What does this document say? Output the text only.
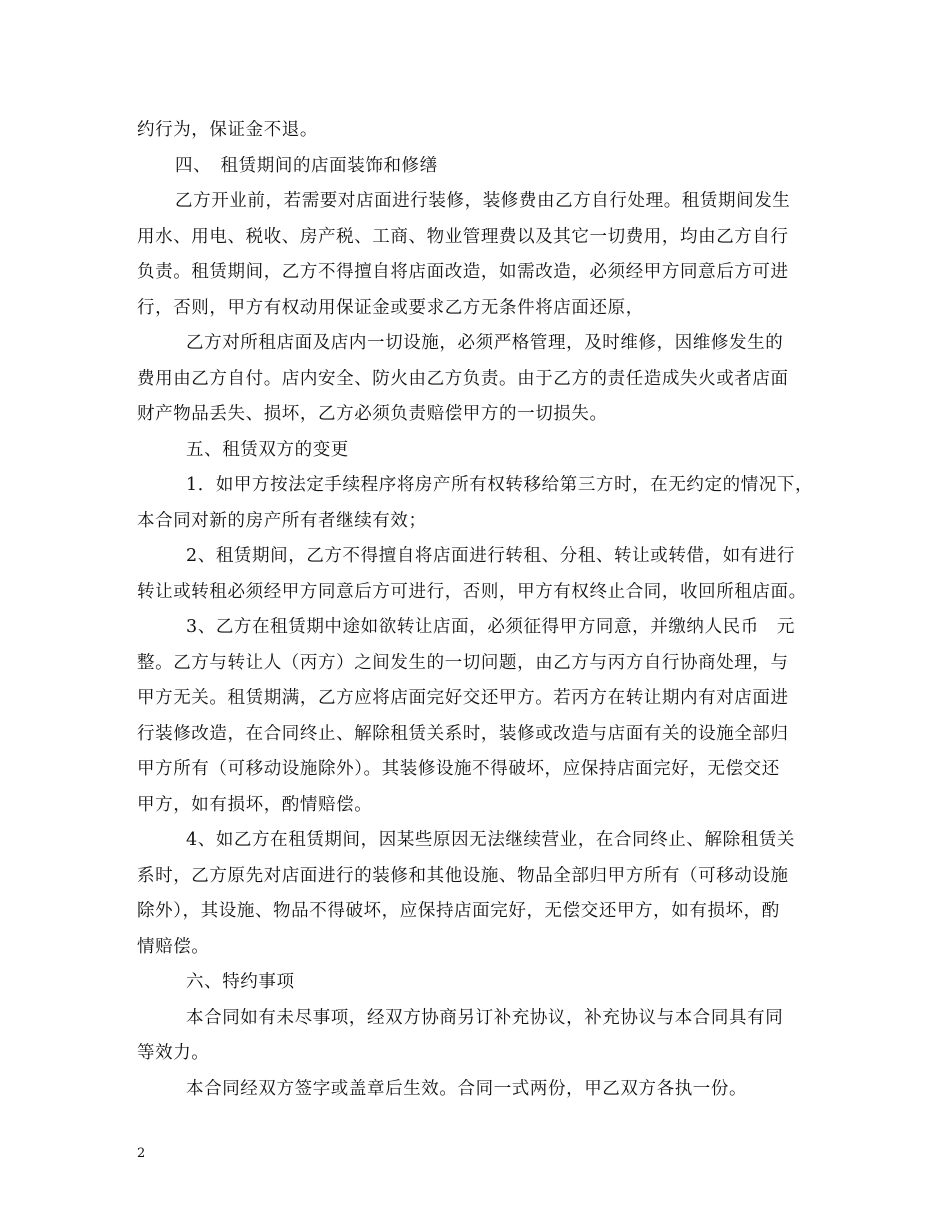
约行为，保证金不退。
四、　租赁期间的店面装饰和修缮
乙方开业前，若需要对店面进行装修，装修费由乙方自行处理。租赁期间发生
用水、用电、税收、房产税、工商、物业管理费以及其它一切费用，均由乙方自行
负责。租赁期间，乙方不得擅自将店面改造，如需改造，必须经甲方同意后方可进
行，否则，甲方有权动用保证金或要求乙方无条件将店面还原，
乙方对所租店面及店内一切设施，必须严格管理，及时维修，因维修发生的
费用由乙方自付。店内安全、防火由乙方负责。由于乙方的责任造成失火或者店面
财产物品丢失、损坏，乙方必须负责赔偿甲方的一切损失。
五、租赁双方的变更
1．如甲方按法定手续程序将房产所有权转移给第三方时，在无约定的情况下，
本合同对新的房产所有者继续有效；
2、租赁期间，乙方不得擅自将店面进行转租、分租、转让或转借，如有进行
转让或转租必须经甲方同意后方可进行，否则，甲方有权终止合同，收回所租店面。
3、乙方在租赁期中途如欲转让店面，必须征得甲方同意，并缴纳人民币　元
整。乙方与转让人（丙方）之间发生的一切问题，由乙方与丙方自行协商处理，与
甲方无关。租赁期满，乙方应将店面完好交还甲方。若丙方在转让期内有对店面进
行装修改造，在合同终止、解除租赁关系时，装修或改造与店面有关的设施全部归
甲方所有（可移动设施除外）。其装修设施不得破坏，应保持店面完好，无偿交还
甲方，如有损坏，酌情赔偿。
4、如乙方在租赁期间，因某些原因无法继续营业，在合同终止、解除租赁关
系时，乙方原先对店面进行的装修和其他设施、物品全部归甲方所有（可移动设施
除外），其设施、物品不得破坏，应保持店面完好，无偿交还甲方，如有损坏，酌
情赔偿。
六、特约事项
本合同如有未尽事项，经双方协商另订补充协议，补充协议与本合同具有同
等效力。
本合同经双方签字或盖章后生效。合同一式两份，甲乙双方各执一份。
2
